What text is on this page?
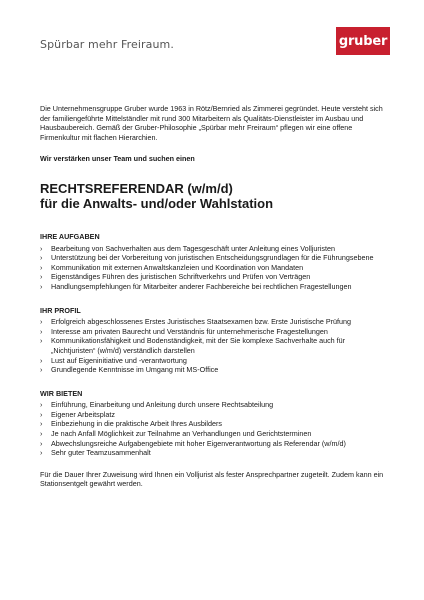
Spürbar mehr Freiraum.	gruber

Die Unternehmensgruppe Gruber wurde 1963 in Rötz/Bernried als Zimmerei gegründet. Heute versteht sich der familiengeführte Mittelständler mit rund 300 Mitarbeitern als Qualitäts-Dienstleister im Ausbau und Hausbaubereich. Gemäß der Gruber-Philosophie „Spürbar mehr Freiraum“ pflegen wir eine offene Firmenkultur mit flachen Hierarchien.

Wir verstärken unser Team und suchen einen

RECHTSREFERENDAR (w/m/d)
für die Anwalts- und/oder Wahlstation
IHRE AUFGABEN
› Bearbeitung von Sachverhalten aus dem Tagesgeschäft unter Anleitung eines Volljuristen
› Unterstützung bei der Vorbereitung von juristischen Entscheidungsgrundlagen für die Führungsebene
› Kommunikation mit externen Anwaltskanzleien und Koordination von Mandaten
› Eigenständiges Führen des juristischen Schriftverkehrs und Prüfen von Verträgen
› Handlungsempfehlungen für Mitarbeiter anderer Fachbereiche bei rechtlichen Fragestellungen
IHR PROFIL
› Erfolgreich abgeschlossenes Erstes Juristisches Staatsexamen bzw. Erste Juristische Prüfung
› Interesse am privaten Baurecht und Verständnis für unternehmerische Fragestellungen
› Kommunikationsfähigkeit und Bodenständigkeit, mit der Sie komplexe Sachverhalte auch für „Nichtjuristen“ (w/m/d) verständlich darstellen
› Lust auf Eigeninitiative und -verantwortung
› Grundlegende Kenntnisse im Umgang mit MS-Office
WIR BIETEN
› Einführung, Einarbeitung und Anleitung durch unsere Rechtsabteilung
› Eigener Arbeitsplatz
› Einbeziehung in die praktische Arbeit Ihres Ausbilders
› Je nach Anfall Möglichkeit zur Teilnahme an Verhandlungen und Gerichtsterminen
› Abwechslungsreiche Aufgabengebiete mit hoher Eigenverantwortung als Referendar (w/m/d)
› Sehr guter Teamzusammenhalt

Für die Dauer Ihrer Zuweisung wird Ihnen ein Volljurist als fester Ansprechpartner zugeteilt. Zudem kann ein Stationsentgelt gewährt werden.
